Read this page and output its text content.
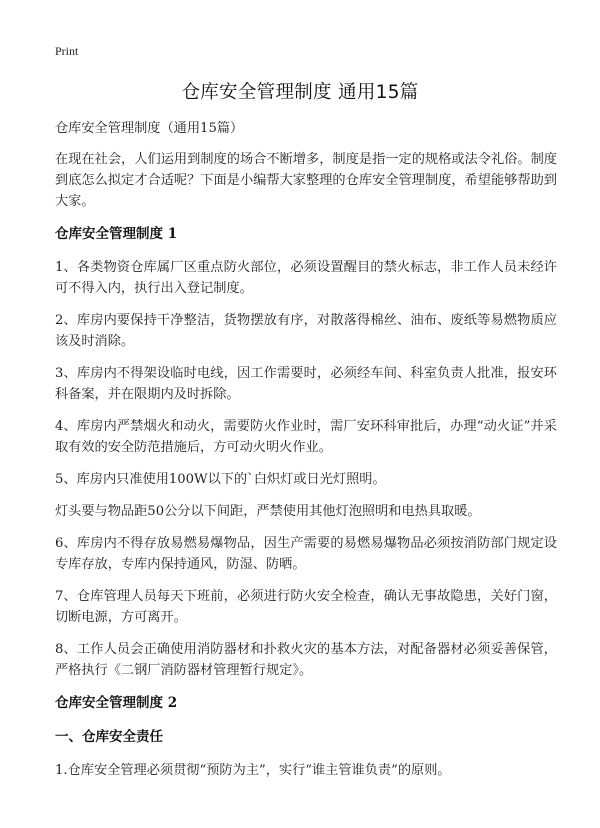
Print
仓库安全管理制度 通用15篇

仓库安全管理制度（通用15篇）

在现在社会，人们运用到制度的场合不断增多，制度是指一定的规格或法令礼俗。制度到底怎么拟定才合适呢？下面是小编帮大家整理的仓库安全管理制度，希望能够帮助到大家。

仓库安全管理制度 1

1、各类物资仓库属厂区重点防火部位，必须设置醒目的禁火标志，非工作人员未经许可不得入内，执行出入登记制度。

2、库房内要保持干净整洁，货物摆放有序，对散落得棉丝、油布、废纸等易燃物质应该及时消除。

3、库房内不得架设临时电线，因工作需要时，必须经车间、科室负责人批准，报安环科备案，并在限期内及时拆除。

4、库房内严禁烟火和动火，需要防火作业时，需厂安环科审批后，办理“动火证”并采取有效的安全防范措施后，方可动火明火作业。

5、库房内只准使用100W以下的`白炽灯或日光灯照明。

灯头要与物品距50公分以下间距，严禁使用其他灯泡照明和电热具取暖。

6、库房内不得存放易燃易爆物品，因生产需要的易燃易爆物品必须按消防部门规定设专库存放，专库内保持通风，防湿、防晒。

7、仓库管理人员每天下班前，必须进行防火安全检查，确认无事故隐患，关好门窗，切断电源，方可离开。

8、工作人员会正确使用消防器材和扑救火灾的基本方法，对配备器材必须妥善保管，严格执行《二钢厂消防器材管理暂行规定》。

仓库安全管理制度 2
一、仓库安全责任

1.仓库安全管理必须贯彻“预防为主”，实行“谁主管谁负责”的原则。
